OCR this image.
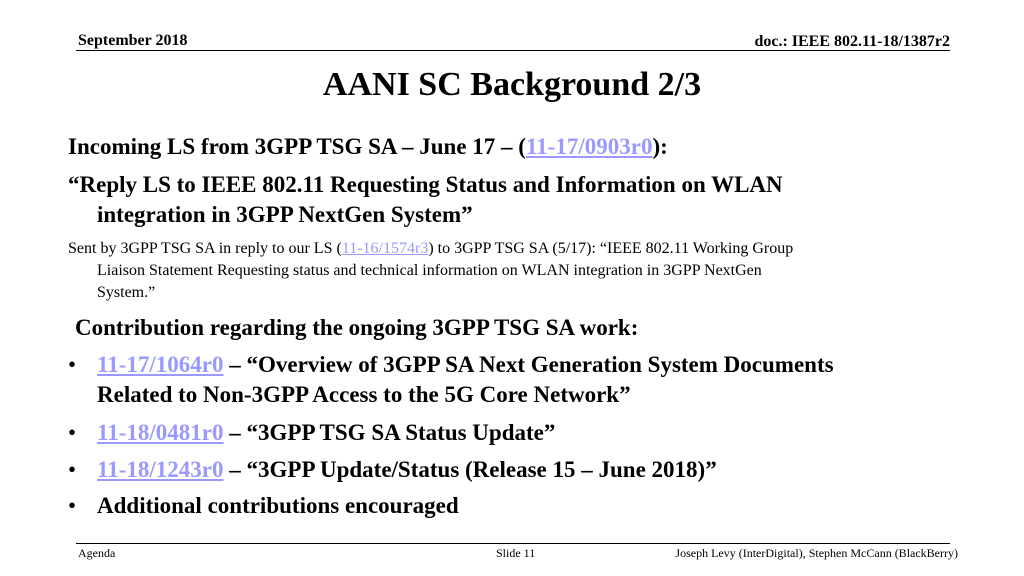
September 2018	doc.: IEEE 802.11-18/1387r2
AANI SC Background 2/3
Incoming LS from 3GPP TSG SA – June 17 – (11-17/0903r0):
“Reply LS to IEEE 802.11 Requesting Status and Information on WLAN
integration in 3GPP NextGen System”
Sent by 3GPP TSG SA in reply to our LS (11-16/1574r3) to 3GPP TSG SA (5/17): “IEEE 802.11 Working Group
Liaison Statement Requesting status and technical information on WLAN integration in 3GPP NextGen
System.”
Contribution regarding the ongoing 3GPP TSG SA work:
• 11-17/1064r0 – “Overview of 3GPP SA Next Generation System Documents
Related to Non-3GPP Access to the 5G Core Network”
• 11-18/0481r0 – “3GPP TSG SA Status Update”
• 11-18/1243r0 – “3GPP Update/Status (Release 15 – June 2018)”
• Additional contributions encouraged
Agenda	Slide 11	Joseph Levy (InterDigital), Stephen McCann (BlackBerry)
